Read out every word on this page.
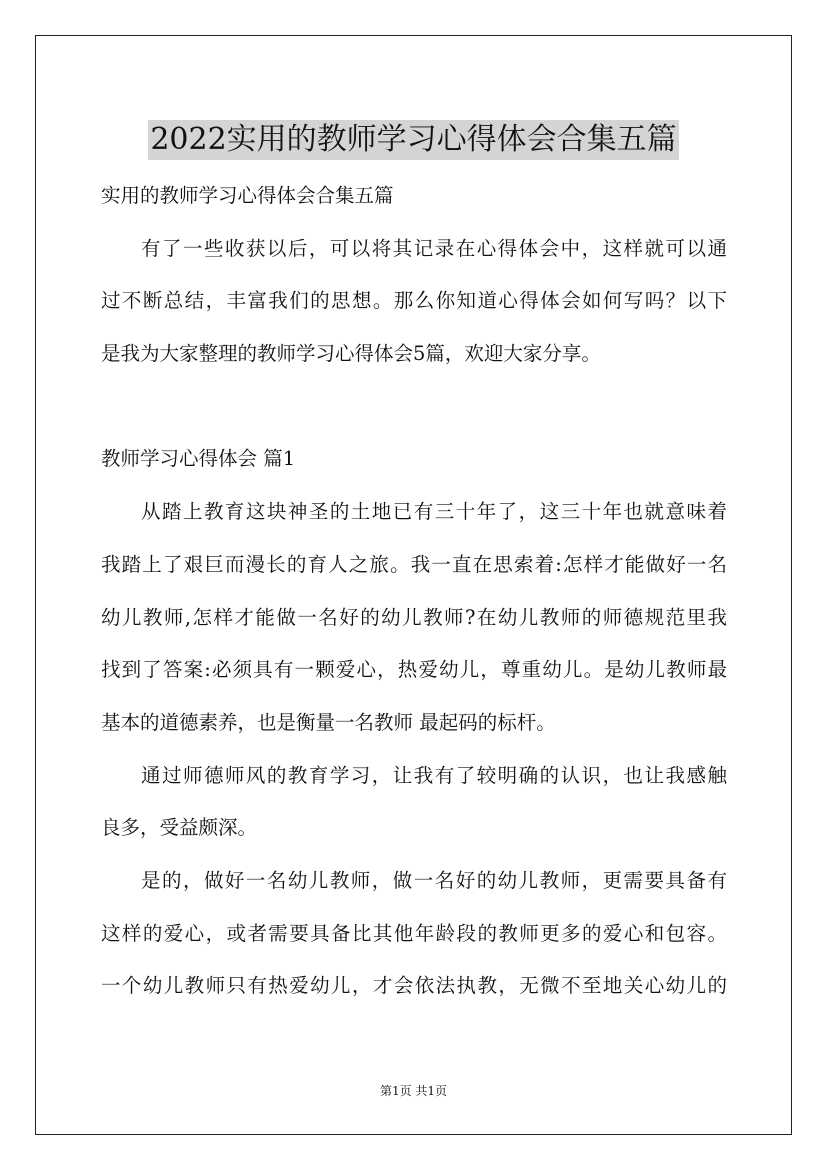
2022实用的教师学习心得体会合集五篇
实用的教师学习心得体会合集五篇
有了一些收获以后，可以将其记录在心得体会中，这样就可以通
过不断总结，丰富我们的思想。那么你知道心得体会如何写吗？以下
是我为大家整理的教师学习心得体会5篇，欢迎大家分享。
教师学习心得体会 篇1
从踏上教育这块神圣的土地已有三十年了，这三十年也就意味着
我踏上了艰巨而漫长的育人之旅。我一直在思索着:怎样才能做好一名
幼儿教师,怎样才能做一名好的幼儿教师?在幼儿教师的师德规范里我
找到了答案:必须具有一颗爱心，热爱幼儿，尊重幼儿。是幼儿教师最
基本的道德素养，也是衡量一名教师 最起码的标杆。
通过师德师风的教育学习，让我有了较明确的认识，也让我感触
良多，受益颇深。
是的，做好一名幼儿教师，做一名好的幼儿教师，更需要具备有
这样的爱心，或者需要具备比其他年龄段的教师更多的爱心和包容。
一个幼儿教师只有热爱幼儿，才会依法执教，无微不至地关心幼儿的
第1页 共1页
